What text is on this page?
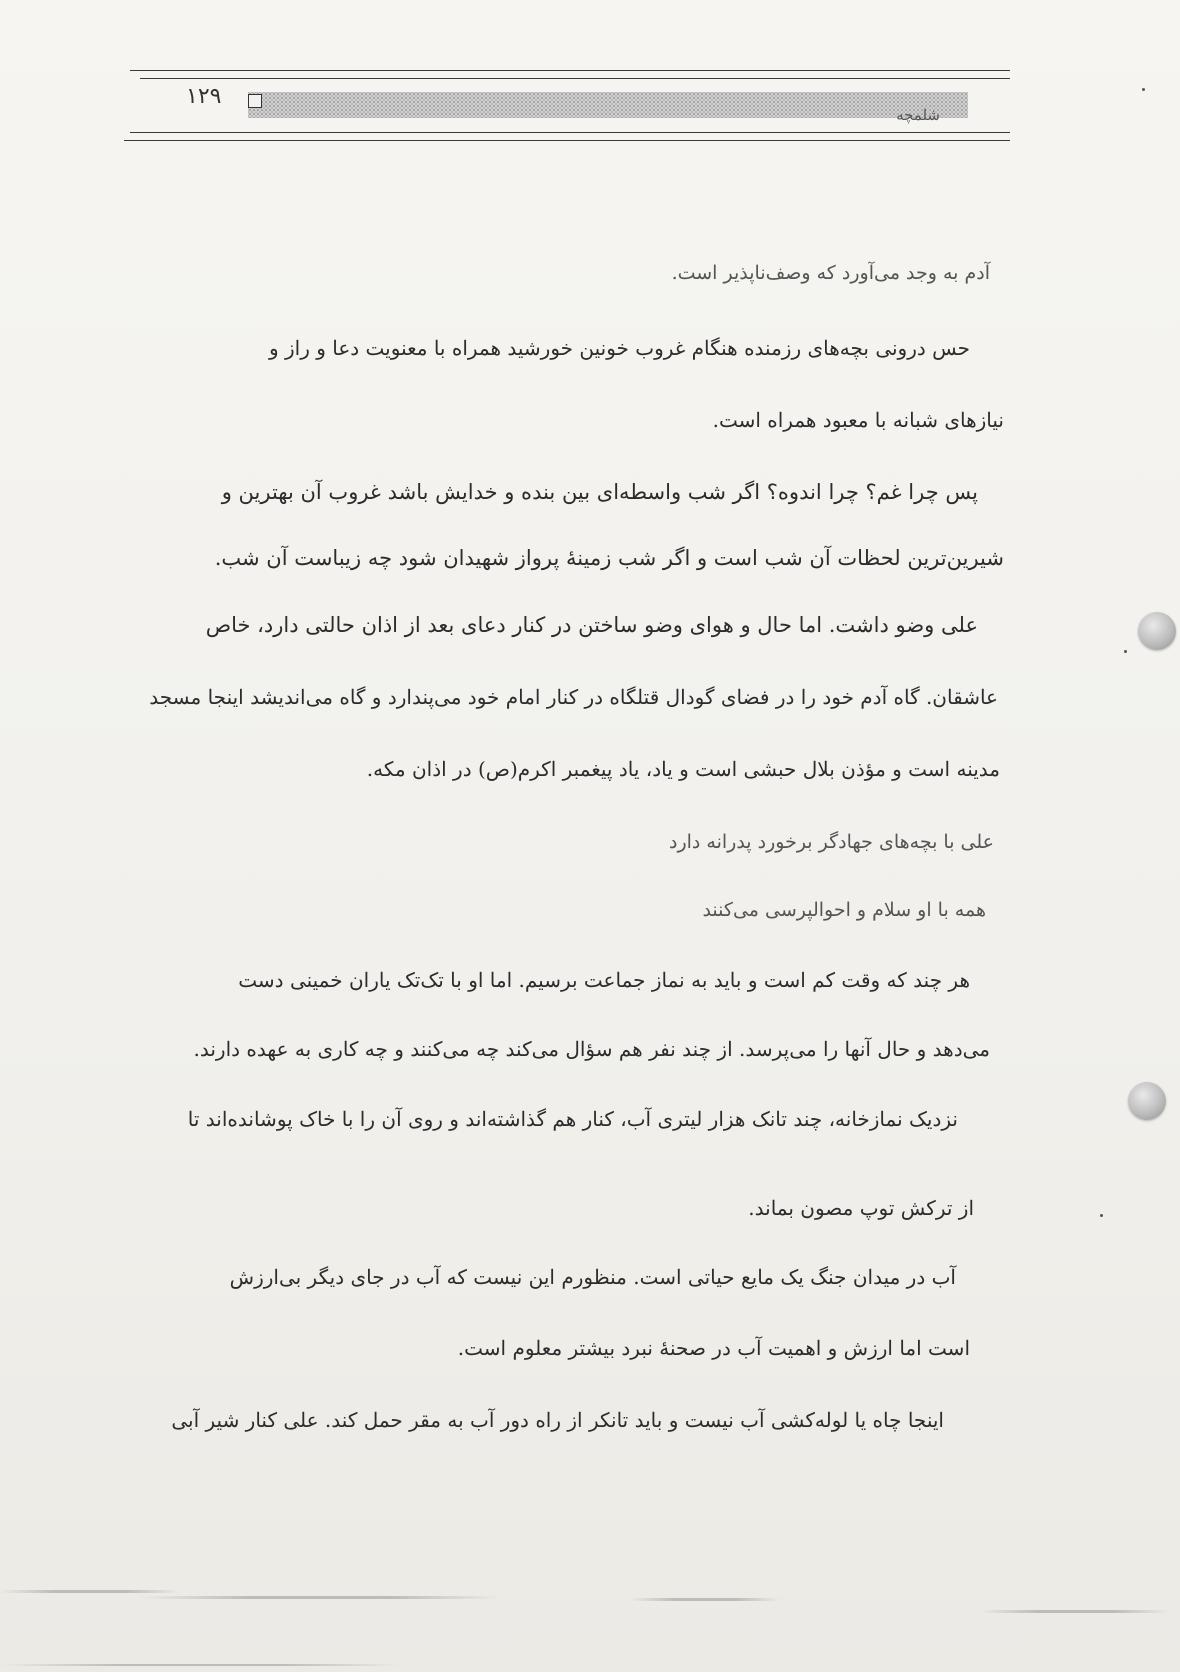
۱۲۹
شلمچه
آدم به وجد می‌آورد که وصف‌ناپذیر است.
حس درونی بچه‌های رزمنده هنگام غروب خونین خورشید همراه با معنویت دعا و راز و
نیازهای شبانه با معبود همراه است.
پس چرا غم؟ چرا اندوه؟ اگر شب واسطه‌ای بین بنده و خدایش باشد غروب آن بهترین و
شیرین‌ترین لحظات آن شب است و اگر شب زمینهٔ پرواز شهیدان شود چه زیباست آن شب.
علی وضو داشت. اما حال و هوای وضو ساختن در کنار دعای بعد از اذان حالتی دارد، خاص
عاشقان. گاه آدم خود را در فضای گودال قتلگاه در کنار امام خود می‌پندارد و گاه می‌اندیشد اینجا مسجد
مدینه است و مؤذن بلال حبشی است و یاد، یاد پیغمبر اکرم(ص) در اذان مکه.
علی با بچه‌های جهادگر برخورد پدرانه دارد
همه با او سلام و احوالپرسی می‌کنند
هر چند که وقت کم است و باید به نماز جماعت برسیم. اما او با تک‌تک یاران خمینی دست
می‌دهد و حال آنها را می‌پرسد. از چند نفر هم سؤال می‌کند چه می‌کنند و چه کاری به عهده دارند.
نزدیک نمازخانه، چند تانک هزار لیتری آب، کنار هم گذاشته‌اند و روی آن را با خاک پوشانده‌اند تا
از ترکش توپ مصون بماند.
آب در میدان جنگ یک مایع حیاتی است. منظورم این نیست که آب در جای دیگر بی‌ارزش
است اما ارزش و اهمیت آب در صحنهٔ نبرد بیشتر معلوم است.
اینجا چاه یا لوله‌کشی آب نیست و باید تانکر از راه دور آب به مقر حمل کند. علی کنار شیر آبی
